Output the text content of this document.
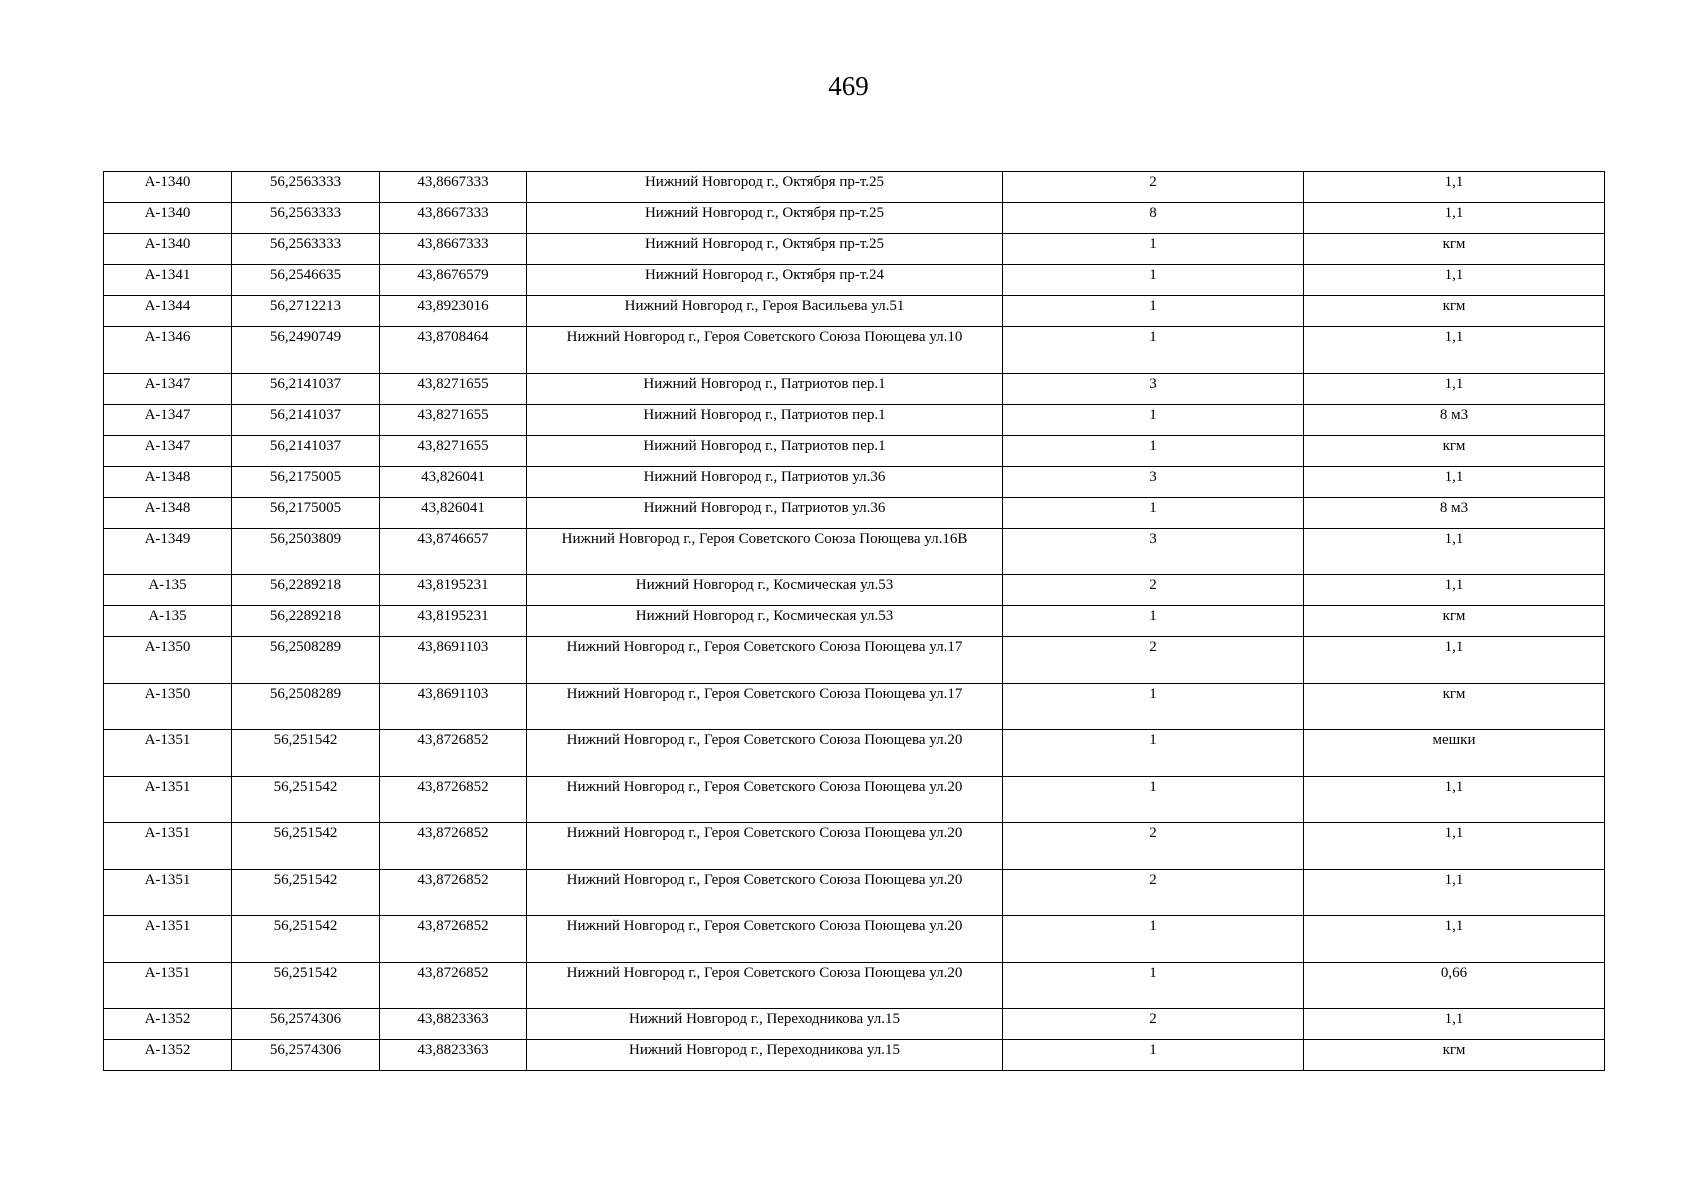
469
А-1340	56,2563333	43,8667333	Нижний Новгород г., Октября пр-т.25	2	1,1
А-1340	56,2563333	43,8667333	Нижний Новгород г., Октября пр-т.25	8	1,1
А-1340	56,2563333	43,8667333	Нижний Новгород г., Октября пр-т.25	1	кгм
А-1341	56,2546635	43,8676579	Нижний Новгород г., Октября пр-т.24	1	1,1
А-1344	56,2712213	43,8923016	Нижний Новгород г., Героя Васильева ул.51	1	кгм
А-1346	56,2490749	43,8708464	Нижний Новгород г., Героя Советского Союза Поющева ул.10	1	1,1
А-1347	56,2141037	43,8271655	Нижний Новгород г., Патриотов пер.1	3	1,1
А-1347	56,2141037	43,8271655	Нижний Новгород г., Патриотов пер.1	1	8 м3
А-1347	56,2141037	43,8271655	Нижний Новгород г., Патриотов пер.1	1	кгм
А-1348	56,2175005	43,826041	Нижний Новгород г., Патриотов ул.36	3	1,1
А-1348	56,2175005	43,826041	Нижний Новгород г., Патриотов ул.36	1	8 м3
А-1349	56,2503809	43,8746657	Нижний Новгород г., Героя Советского Союза Поющева ул.16В	3	1,1
А-135	56,2289218	43,8195231	Нижний Новгород г., Космическая ул.53	2	1,1
А-135	56,2289218	43,8195231	Нижний Новгород г., Космическая ул.53	1	кгм
А-1350	56,2508289	43,8691103	Нижний Новгород г., Героя Советского Союза Поющева ул.17	2	1,1
А-1350	56,2508289	43,8691103	Нижний Новгород г., Героя Советского Союза Поющева ул.17	1	кгм
А-1351	56,251542	43,8726852	Нижний Новгород г., Героя Советского Союза Поющева ул.20	1	мешки
А-1351	56,251542	43,8726852	Нижний Новгород г., Героя Советского Союза Поющева ул.20	1	1,1
А-1351	56,251542	43,8726852	Нижний Новгород г., Героя Советского Союза Поющева ул.20	2	1,1
А-1351	56,251542	43,8726852	Нижний Новгород г., Героя Советского Союза Поющева ул.20	2	1,1
А-1351	56,251542	43,8726852	Нижний Новгород г., Героя Советского Союза Поющева ул.20	1	1,1
А-1351	56,251542	43,8726852	Нижний Новгород г., Героя Советского Союза Поющева ул.20	1	0,66
А-1352	56,2574306	43,8823363	Нижний Новгород г., Переходникова ул.15	2	1,1
А-1352	56,2574306	43,8823363	Нижний Новгород г., Переходникова ул.15	1	кгм
